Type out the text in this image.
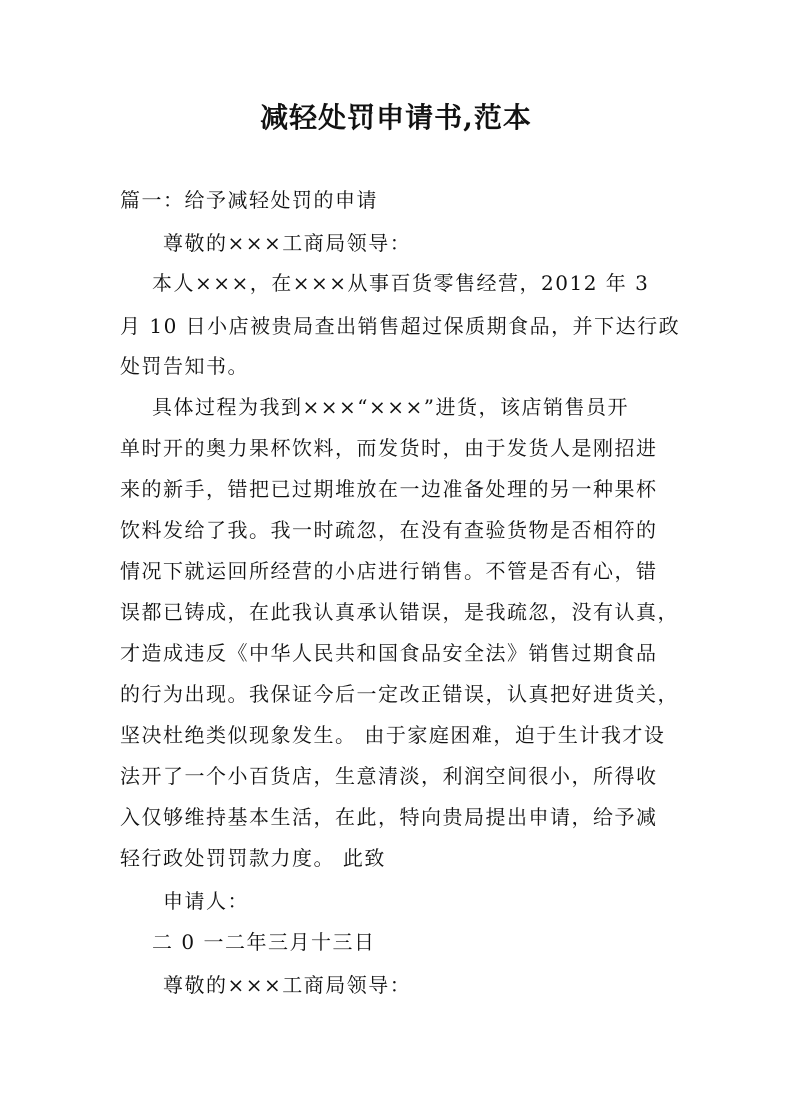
减轻处罚申请书,范本
篇一：给予减轻处罚的申请
尊敬的×××工商局领导：
本人×××，在×××从事百货零售经营，2012 年 3
月 10 日小店被贵局查出销售超过保质期食品，并下达行政
处罚告知书。
具体过程为我到×××“×××”进货，该店销售员开
单时开的奥力果杯饮料，而发货时，由于发货人是刚招进
来的新手，错把已过期堆放在一边准备处理的另一种果杯
饮料发给了我。我一时疏忽，在没有查验货物是否相符的
情况下就运回所经营的小店进行销售。不管是否有心，错
误都已铸成，在此我认真承认错误，是我疏忽，没有认真，
才造成违反《中华人民共和国食品安全法》销售过期食品
的行为出现。我保证今后一定改正错误，认真把好进货关，
坚决杜绝类似现象发生。 由于家庭困难，迫于生计我才设
法开了一个小百货店，生意清淡，利润空间很小，所得收
入仅够维持基本生活，在此，特向贵局提出申请，给予减
轻行政处罚罚款力度。 此致
申请人：
二 0 一二年三月十三日
尊敬的×××工商局领导：
